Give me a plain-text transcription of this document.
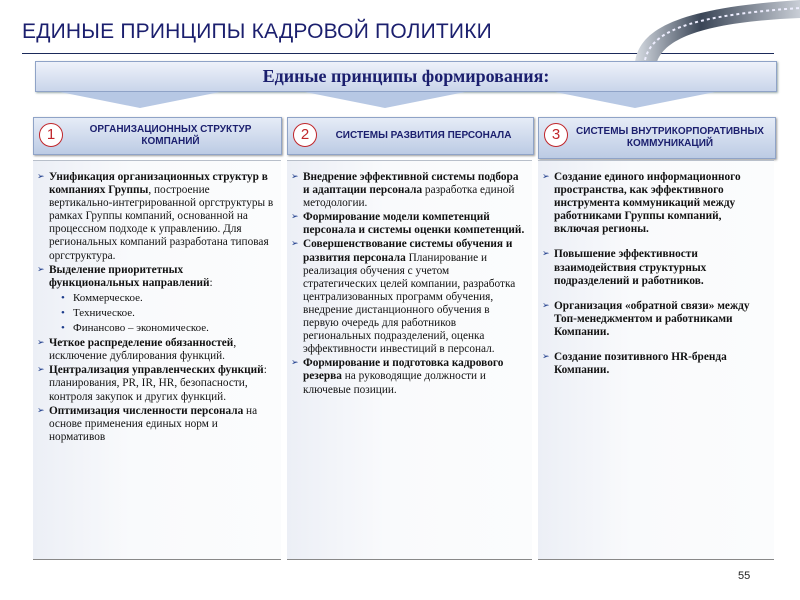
ЕДИНЫЕ ПРИНЦИПЫ КАДРОВОЙ ПОЛИТИКИ
Единые принципы формирования:
1	ОРГАНИЗАЦИОННЫХ СТРУКТУР КОМПАНИЙ	2	СИСТЕМЫ РАЗВИТИЯ ПЕРСОНАЛА	3	СИСТЕМЫ ВНУТРИКОРПОРАТИВНЫХ КОММУНИКАЦИЙ
➢ Унификация организационных структур в компаниях Группы, построение вертикально-интегрированной оргструктуры в рамках Группы компаний, основанной на процессном подходе к управлению. Для региональных компаний разработана типовая оргструктура.
➢ Выделение приоритетных функциональных направлений:
• Коммерческое.
• Техническое.
• Финансово – экономическое.
➢ Четкое распределение обязанностей, исключение дублирования функций.
➢ Централизация управленческих функций: планирования, PR, IR, HR, безопасности, контроля закупок и других функций.
➢ Оптимизация численности персонала на основе применения единых норм и нормативов
➢ Внедрение эффективной системы подбора и адаптации персонала разработка единой методологии.
➢ Формирование модели компетенций персонала и системы оценки компетенций.
➢ Совершенствование системы обучения и развития персонала Планирование и реализация обучения с учетом стратегических целей компании, разработка централизованных программ обучения, внедрение дистанционного обучения в первую очередь для работников региональных подразделений, оценка эффективности инвестиций в персонал.
➢ Формирование и подготовка кадрового резерва на руководящие должности и ключевые позиции.
➢ Создание единого информационного пространства, как эффективного инструмента коммуникаций между работниками Группы компаний, включая регионы.
➢ Повышение эффективности взаимодействия структурных подразделений и работников.
➢ Организация «обратной связи» между Топ-менеджментом и работниками Компании.
➢ Создание позитивного HR-бренда Компании.
55
